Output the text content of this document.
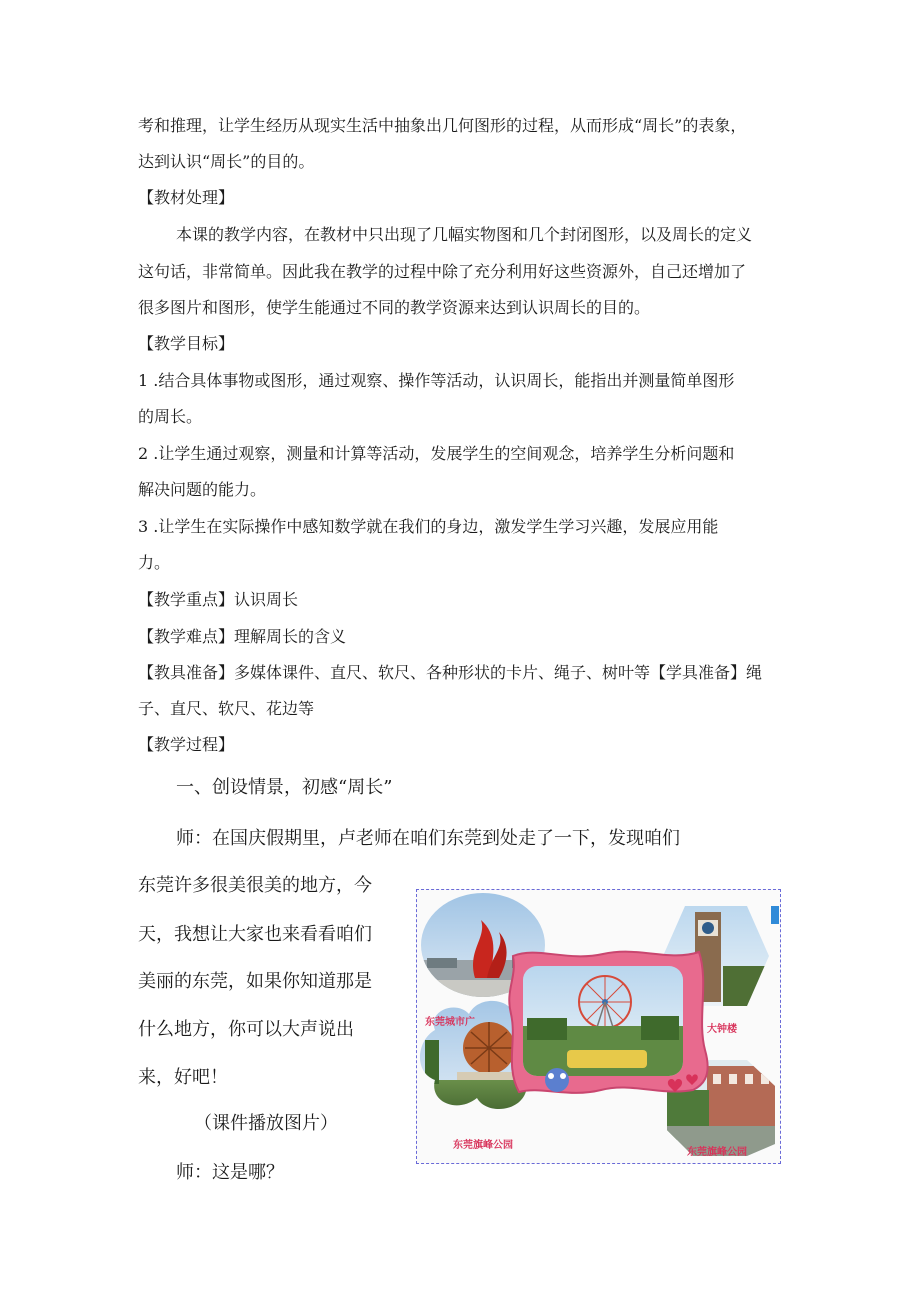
考和推理，让学生经历从现实生活中抽象出几何图形的过程，从而形成“周长”的表象，
达到认识“周长”的目的。
【教材处理】
本课的教学内容，在教材中只出现了几幅实物图和几个封闭图形，以及周长的定义
这句话，非常简单。因此我在教学的过程中除了充分利用好这些资源外，自己还增加了
很多图片和图形，使学生能通过不同的教学资源来达到认识周长的目的。
【教学目标】
1 .结合具体事物或图形，通过观察、操作等活动，认识周长，能指出并测量简单图形
的周长。
2 .让学生通过观察，测量和计算等活动，发展学生的空间观念，培养学生分析问题和
解决问题的能力。
3 .让学生在实际操作中感知数学就在我们的身边，激发学生学习兴趣，发展应用能
力。
【教学重点】认识周长
【教学难点】理解周长的含义
【教具准备】多媒体课件、直尺、软尺、各种形状的卡片、绳子、树叶等【学具准备】绳
子、直尺、软尺、花边等
【教学过程】
一、创设情景，初感“周长”
师：在国庆假期里，卢老师在咱们东莞到处走了一下，发现咱们
东莞许多很美很美的地方，今
天，我想让大家也来看看咱们
美丽的东莞，如果你知道那是
什么地方，你可以大声说出
来，好吧！
（课件播放图片）
师：这是哪？
东莞城市广
大钟楼
东莞旗峰公园
东莞旗峰公园
